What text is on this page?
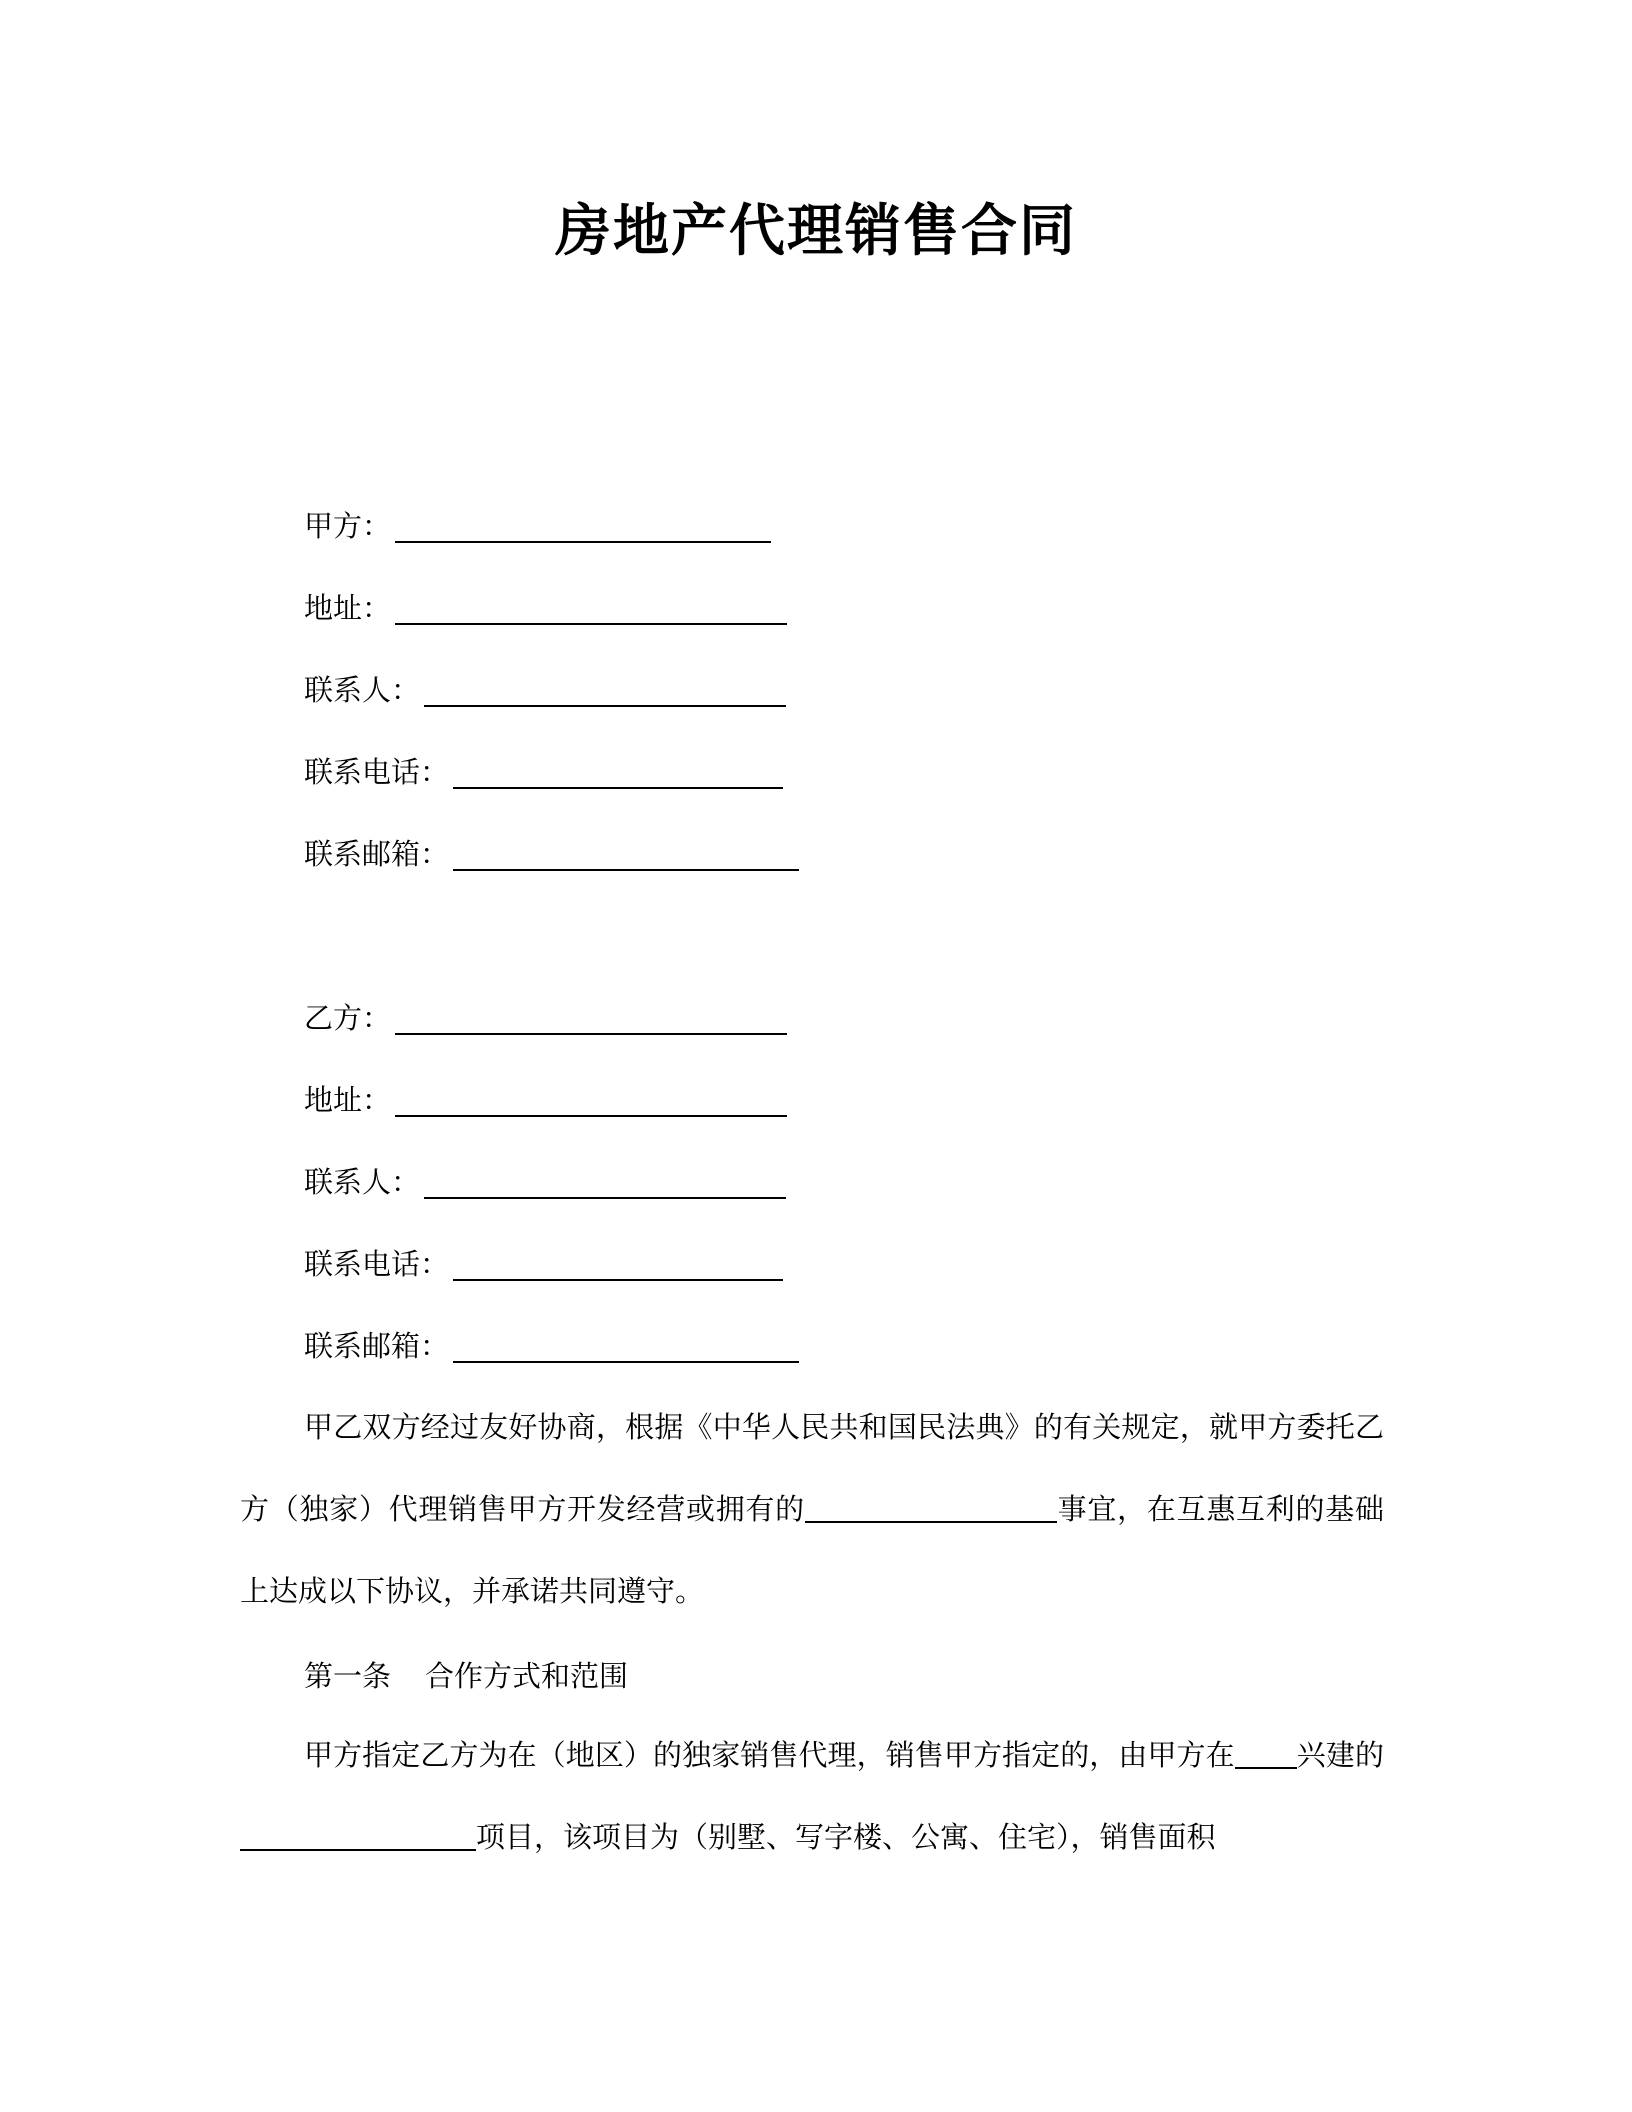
房地产代理销售合同
甲方：
地址：
联系人：
联系电话：
联系邮箱：
乙方：
地址：
联系人：
联系电话：
联系邮箱：
甲乙双方经过友好协商，根据《中华人民共和国民法典》的有关规定，就甲方委托乙方（独家）代理销售甲方开发经营或拥有的	事宜，在互惠互利的基础上达成以下协议，并承诺共同遵守。
第一条 合作方式和范围
甲方指定乙方为在（地区）的独家销售代理，销售甲方指定的，由甲方在 兴建的项目，该项目为（别墅、写字楼、公寓、住宅），销售面积
